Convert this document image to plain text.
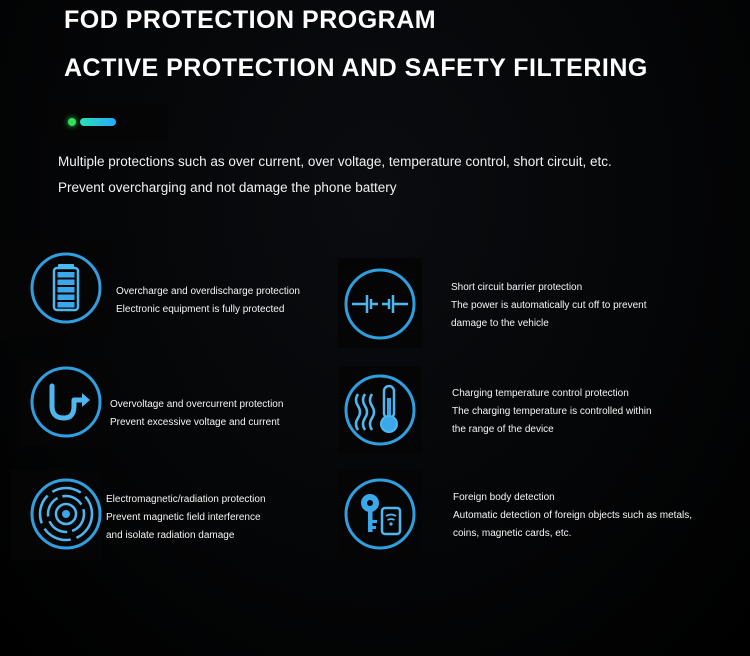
FOD PROTECTION PROGRAM
ACTIVE PROTECTION AND SAFETY FILTERING
Multiple protections such as over current, over voltage, temperature control, short circuit, etc.
Prevent overcharging and not damage the phone battery
Overcharge and overdischarge protection
Electronic equipment is fully protected
Short circuit barrier protection
The power is automatically cut off to prevent
damage to the vehicle
Overvoltage and overcurrent protection
Prevent excessive voltage and current
Charging temperature control protection
The charging temperature is controlled within
the range of the device
Electromagnetic/radiation protection
Prevent magnetic field interference
and isolate radiation damage
Foreign body detection
Automatic detection of foreign objects such as metals,
coins, magnetic cards, etc.
